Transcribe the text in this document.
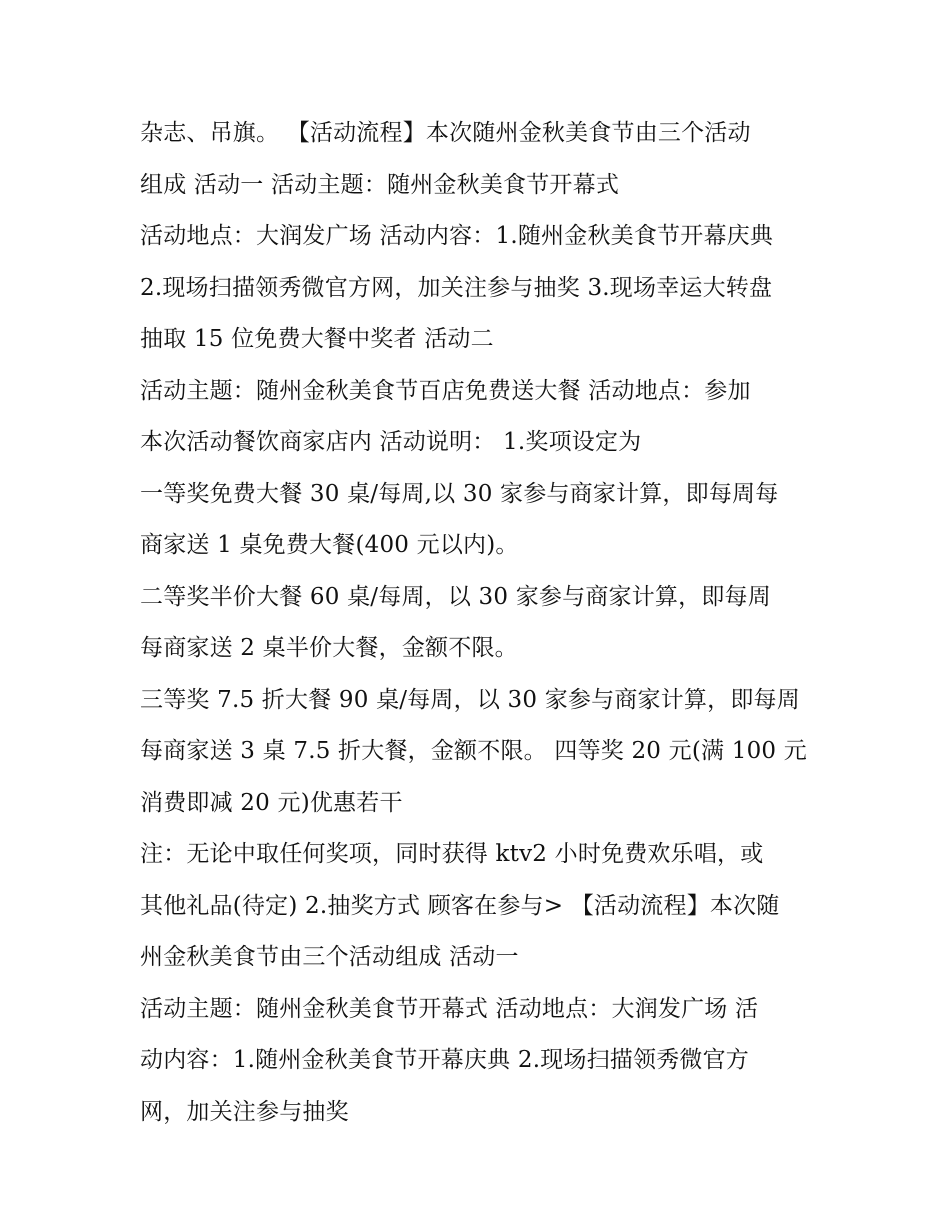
杂志、吊旗。 【活动流程】本次随州金秋美食节由三个活动
组成 活动一 活动主题：随州金秋美食节开幕式
活动地点：大润发广场 活动内容：1.随州金秋美食节开幕庆典
2.现场扫描领秀微官方网，加关注参与抽奖 3.现场幸运大转盘
抽取 15 位免费大餐中奖者 活动二
活动主题：随州金秋美食节百店免费送大餐 活动地点：参加
本次活动餐饮商家店内 活动说明： 1.奖项设定为
一等奖免费大餐 30 桌/每周,以 30 家参与商家计算，即每周每
商家送 1 桌免费大餐(400 元以内)。
二等奖半价大餐 60 桌/每周，以 30 家参与商家计算，即每周
每商家送 2 桌半价大餐，金额不限。
三等奖 7.5 折大餐 90 桌/每周，以 30 家参与商家计算，即每周
每商家送 3 桌 7.5 折大餐，金额不限。 四等奖 20 元(满 100 元
消费即减 20 元)优惠若干
注：无论中取任何奖项，同时获得 ktv2 小时免费欢乐唱，或
其他礼品(待定) 2.抽奖方式 顾客在参与> 【活动流程】本次随
州金秋美食节由三个活动组成 活动一
活动主题：随州金秋美食节开幕式 活动地点：大润发广场 活
动内容：1.随州金秋美食节开幕庆典 2.现场扫描领秀微官方
网，加关注参与抽奖
